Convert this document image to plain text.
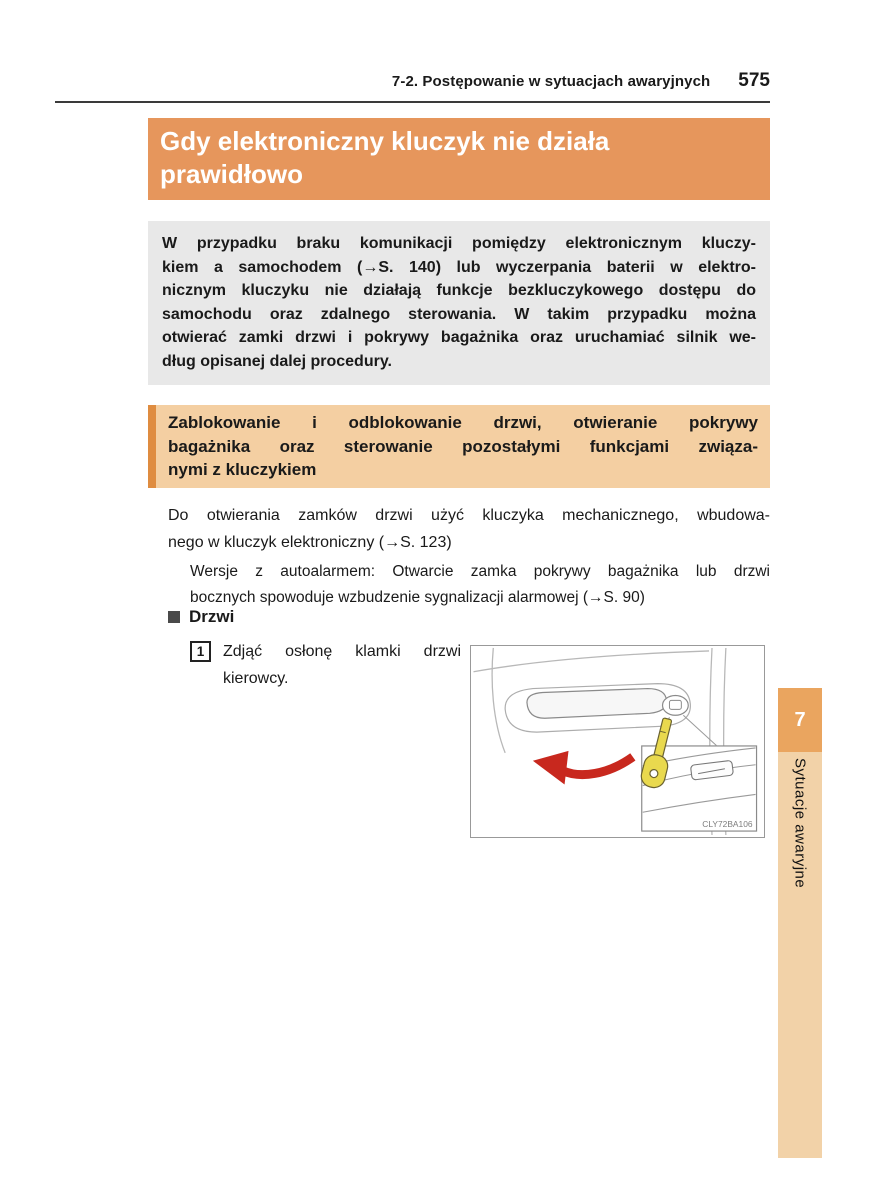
7-2. Postępowanie w sytuacjach awaryjnych 575
Gdy elektroniczny kluczyk nie działa
prawidłowo
W przypadku braku komunikacji pomiędzy elektronicznym kluczy-
kiem a samochodem (→S. 140) lub wyczerpania baterii w elektro-
nicznym kluczyku nie działają funkcje bezkluczykowego dostępu do
samochodu oraz zdalnego sterowania. W takim przypadku można
otwierać zamki drzwi i pokrywy bagażnika oraz uruchamiać silnik we-
dług opisanej dalej procedury.
Zablokowanie i odblokowanie drzwi, otwieranie pokrywy
bagażnika oraz sterowanie pozostałymi funkcjami związa-
nymi z kluczykiem
Do otwierania zamków drzwi użyć kluczyka mechanicznego, wbudowa-
nego w kluczyk elektroniczny (→S. 123)
Wersje z autoalarmem: Otwarcie zamka pokrywy bagażnika lub drzwi
bocznych spowoduje wzbudzenie sygnalizacji alarmowej (→S. 90)
Drzwi
1	Zdjąć osłonę klamki drzwi
kierowcy.
CLY72BA106
7
Sytuacje awaryjne
